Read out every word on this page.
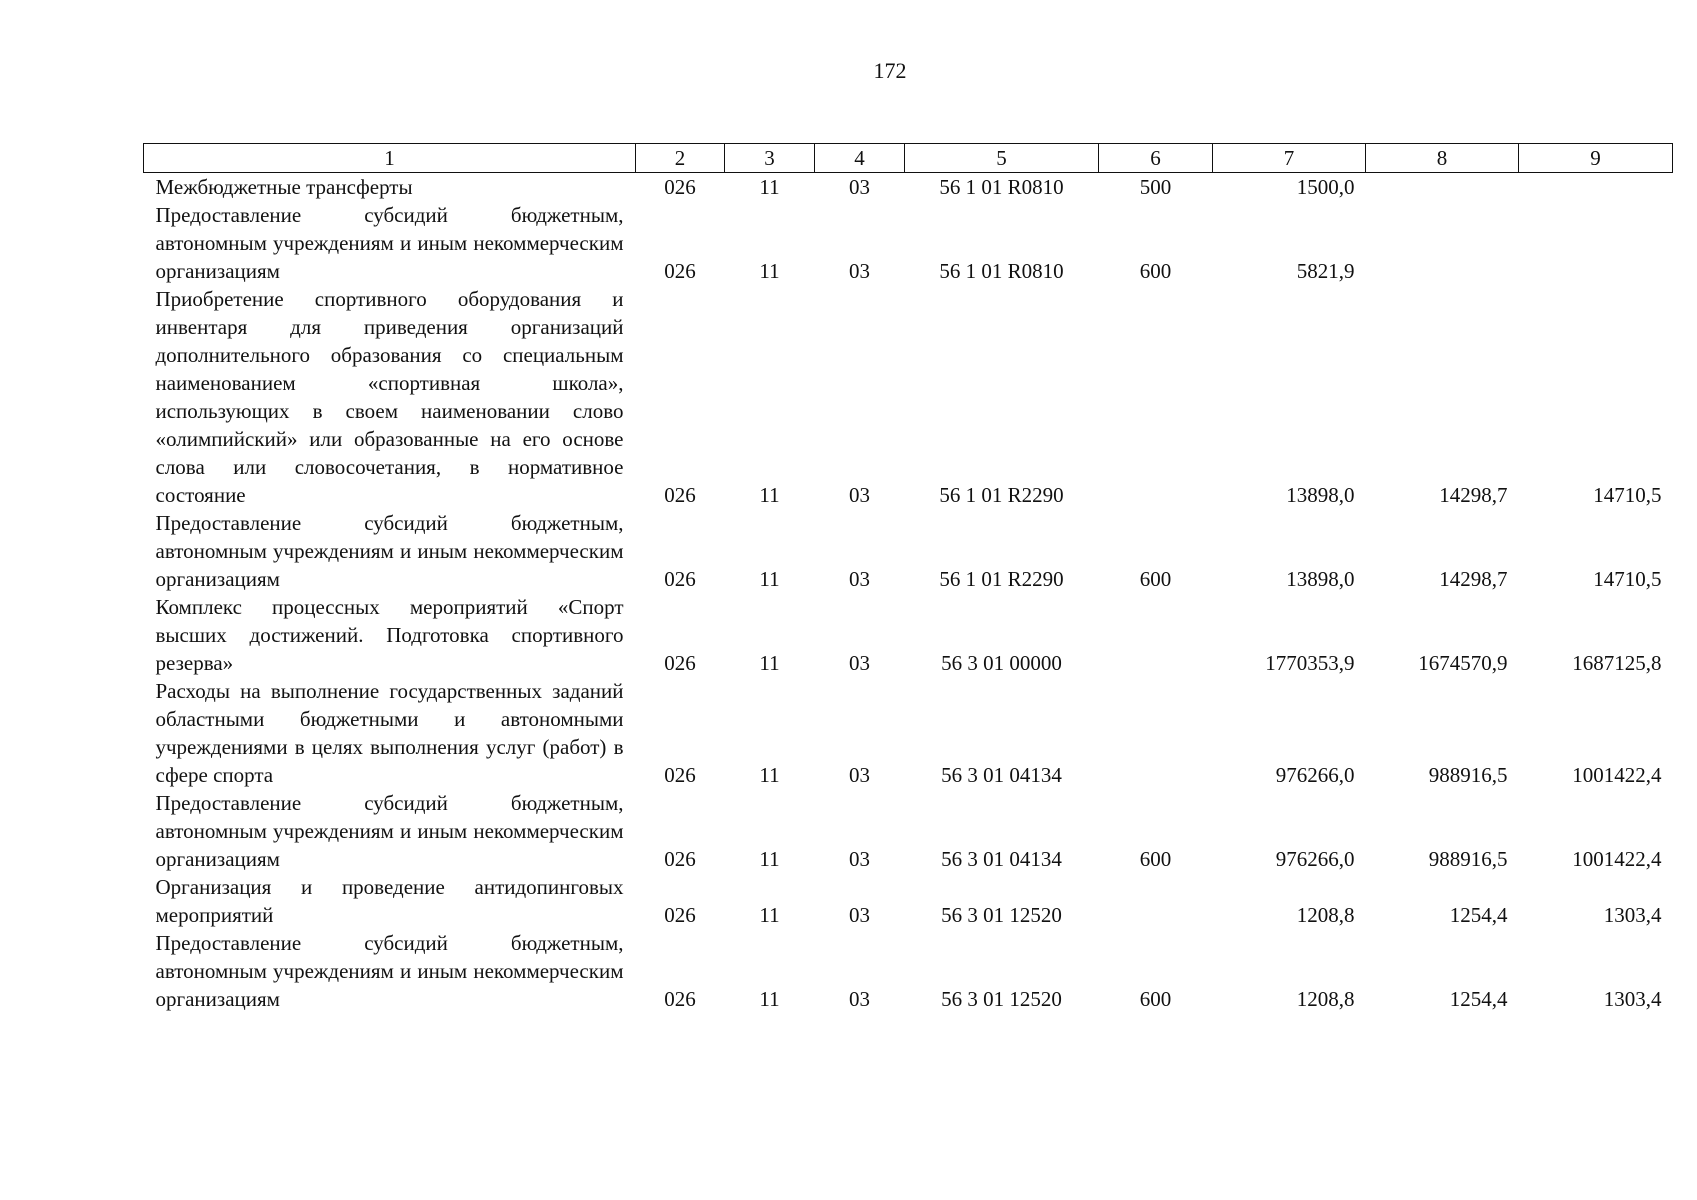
172
1	2	3	4	5	6	7	8	9
Межбюджетные трансферты	026	11	03	56 1 01 R0810	500	1500,0		
Предоставление субсидий бюджетным, автономным учреждениям и иным некоммерческим организациям	026	11	03	56 1 01 R0810	600	5821,9		
Приобретение спортивного оборудования и инвентаря для приведения организаций дополнительного образования со специальным наименованием «спортивная школа», использующих в своем наименовании слово «олимпийский» или образованные на его основе слова или словосочетания, в нормативное состояние	026	11	03	56 1 01 R2290		13898,0	14298,7	14710,5
Предоставление субсидий бюджетным, автономным учреждениям и иным некоммерческим организациям	026	11	03	56 1 01 R2290	600	13898,0	14298,7	14710,5
Комплекс процессных мероприятий «Спорт высших достижений. Подготовка спортивного резерва»	026	11	03	56 3 01 00000		1770353,9	1674570,9	1687125,8
Расходы на выполнение государственных заданий областными бюджетными и автономными учреждениями в целях выполнения услуг (работ) в сфере спорта	026	11	03	56 3 01 04134		976266,0	988916,5	1001422,4
Предоставление субсидий бюджетным, автономным учреждениям и иным некоммерческим организациям	026	11	03	56 3 01 04134	600	976266,0	988916,5	1001422,4
Организация и проведение антидопинговых мероприятий	026	11	03	56 3 01 12520		1208,8	1254,4	1303,4
Предоставление субсидий бюджетным, автономным учреждениям и иным некоммерческим организациям	026	11	03	56 3 01 12520	600	1208,8	1254,4	1303,4
